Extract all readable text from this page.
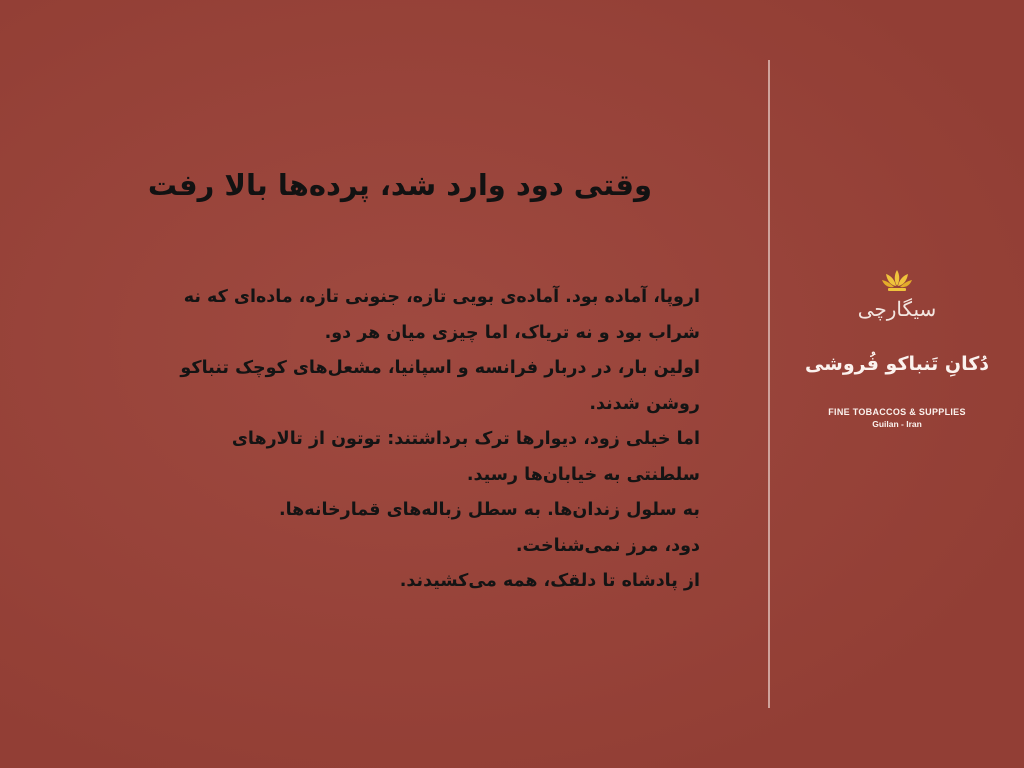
وقتی دود وارد شد، پرده‌ها بالا رفت
اروپا، آماده بود. آماده‌ی بویی تازه، جنونی تازه، ماده‌ای که نه
شراب بود و نه تریاک، اما چیزی میان هر دو.
اولین بار، در دربار فرانسه و اسپانیا، مشعل‌های کوچک تنباکو
روشن شدند.
اما خیلی زود، دیوارها ترک برداشتند: توتون از تالارهای
سلطنتی به خیابان‌ها رسید.
به سلول زندان‌ها. به سطل زباله‌های قمارخانه‌ها.
دود، مرز نمی‌شناخت.
از پادشاه تا دلقک، همه می‌کشیدند.
سیگارچی
دُکانِ تَنباکو فُروشی
FINE TOBACCOS & SUPPLIES
Guilan - Iran
